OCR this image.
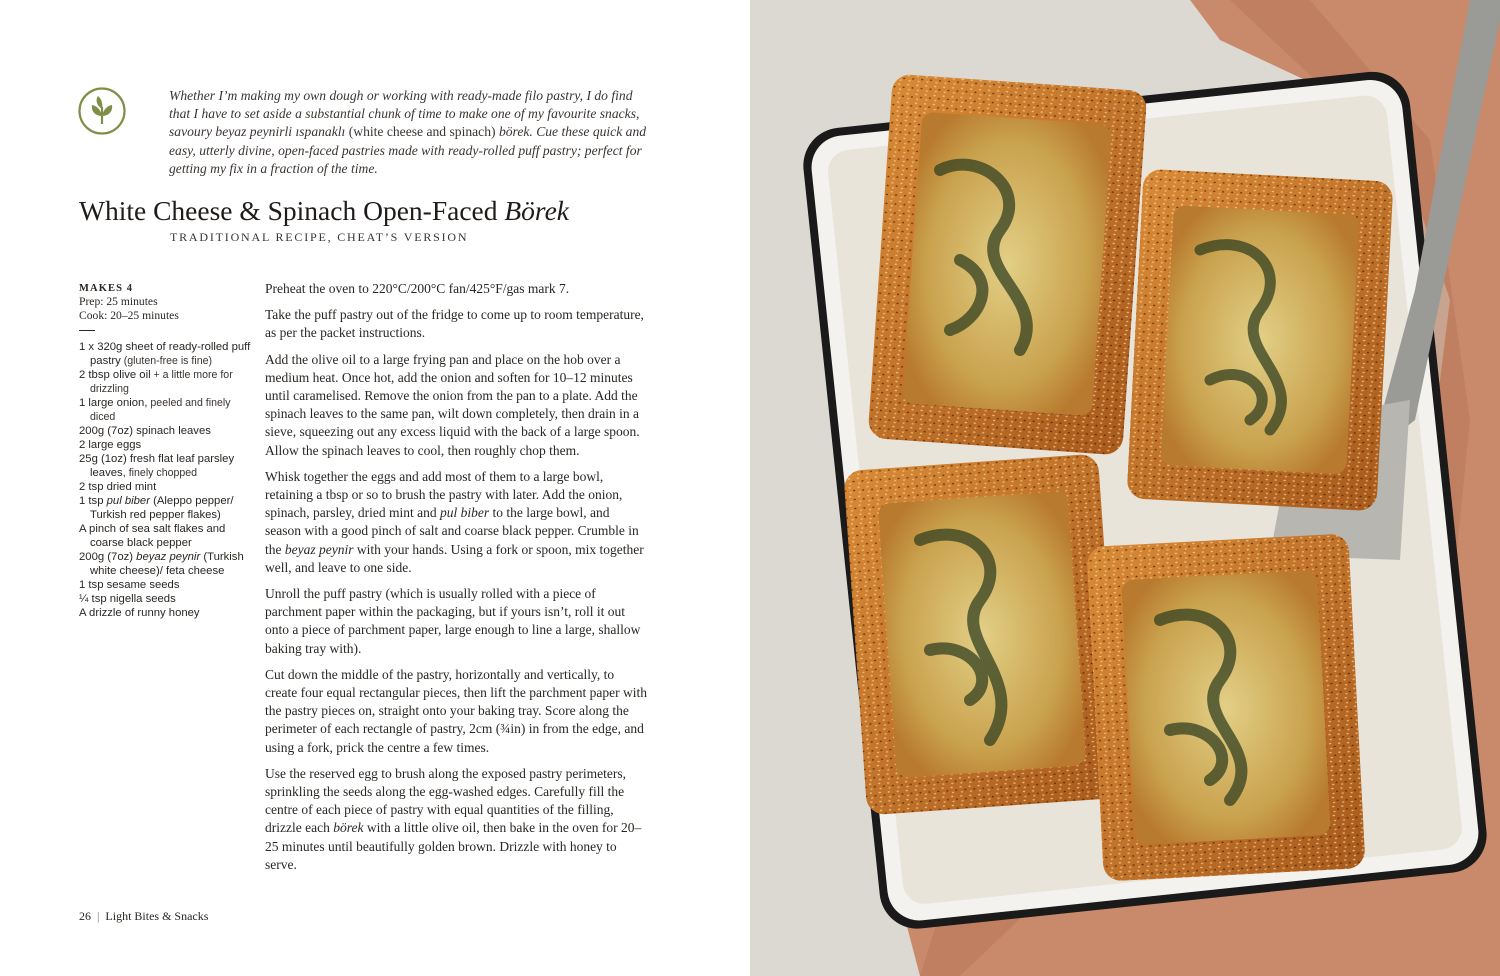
Whether I’m making my own dough or working with ready-made filo pastry, I do find that I have to set aside a substantial chunk of time to make one of my favourite snacks, savoury beyaz peynirli ıspanaklı (white cheese and spinach) börek. Cue these quick and easy, utterly divine, open-faced pastries made with ready-rolled puff pastry; perfect for getting my fix in a fraction of the time.
White Cheese & Spinach Open-Faced Börek
TRADITIONAL RECIPE, CHEAT’S VERSION
MAKES 4
Prep: 25 minutes
Cook: 20–25 minutes
1 x 320g sheet of ready-rolled puff pastry (gluten-free is fine)
2 tbsp olive oil + a little more for drizzling
1 large onion, peeled and finely diced
200g (7oz) spinach leaves
2 large eggs
25g (1oz) fresh flat leaf parsley leaves, finely chopped
2 tsp dried mint
1 tsp pul biber (Aleppo pepper/ Turkish red pepper flakes)
A pinch of sea salt flakes and coarse black pepper
200g (7oz) beyaz peynir (Turkish white cheese)/ feta cheese
1 tsp sesame seeds
¼ tsp nigella seeds
A drizzle of runny honey

Preheat the oven to 220°C/200°C fan/425°F/gas mark 7.

Take the puff pastry out of the fridge to come up to room temperature, as per the packet instructions.

Add the olive oil to a large frying pan and place on the hob over a medium heat. Once hot, add the onion and soften for 10–12 minutes until caramelised. Remove the onion from the pan to a plate. Add the spinach leaves to the same pan, wilt down completely, then drain in a sieve, squeezing out any excess liquid with the back of a large spoon. Allow the spinach leaves to cool, then roughly chop them.

Whisk together the eggs and add most of them to a large bowl, retaining a tbsp or so to brush the pastry with later. Add the onion, spinach, parsley, dried mint and pul biber to the large bowl, and season with a good pinch of salt and coarse black pepper. Crumble in the beyaz peynir with your hands. Using a fork or spoon, mix together well, and leave to one side.

Unroll the puff pastry (which is usually rolled with a piece of parchment paper within the packaging, but if yours isn’t, roll it out onto a piece of parchment paper, large enough to line a large, shallow baking tray with).

Cut down the middle of the pastry, horizontally and vertically, to create four equal rectangular pieces, then lift the parchment paper with the pastry pieces on, straight onto your baking tray. Score along the perimeter of each rectangle of pastry, 2cm (¾in) in from the edge, and using a fork, prick the centre a few times.

Use the reserved egg to brush along the exposed pastry perimeters, sprinkling the seeds along the egg-washed edges. Carefully fill the centre of each piece of pastry with equal quantities of the filling, drizzle each börek with a little olive oil, then bake in the oven for 20–25 minutes until beautifully golden brown. Drizzle with honey to serve.

26 | Light Bites & Snacks
